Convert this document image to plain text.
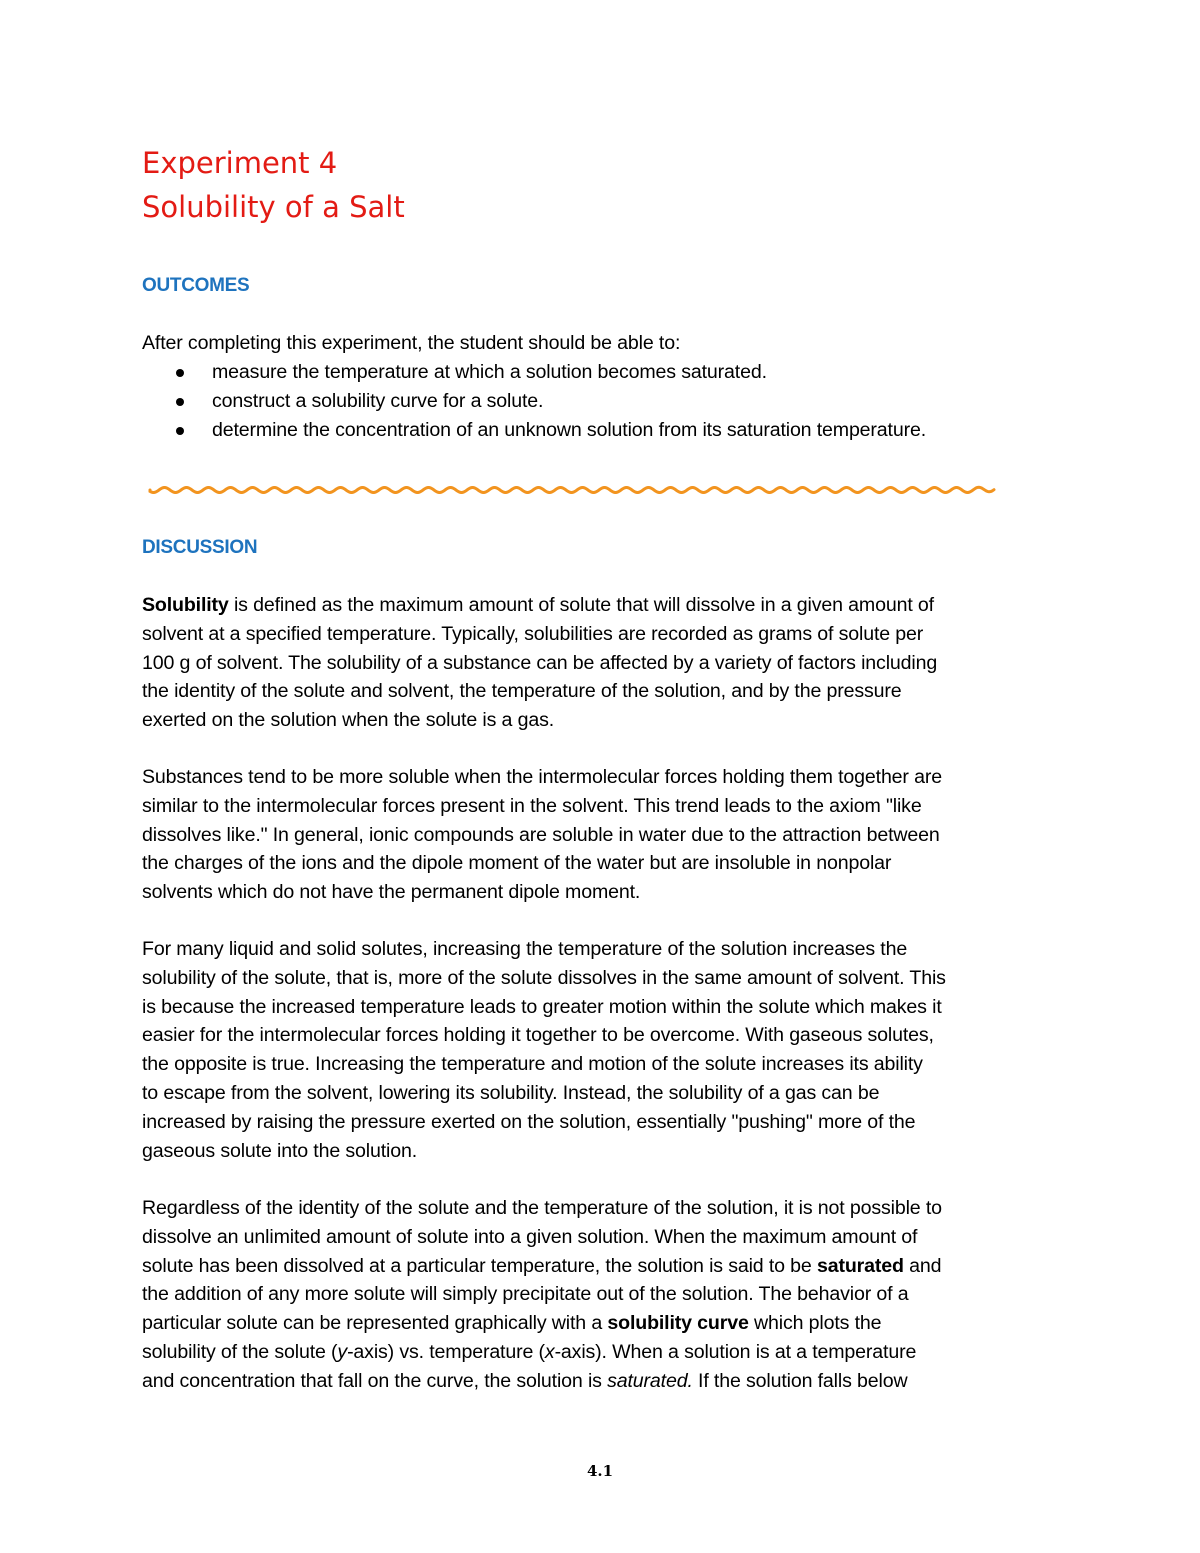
Experiment 4
Solubility of a Salt
OUTCOMES
After completing this experiment, the student should be able to:
measure the temperature at which a solution becomes saturated.
construct a solubility curve for a solute.
determine the concentration of an unknown solution from its saturation temperature.
DISCUSSION

Solubility is defined as the maximum amount of solute that will dissolve in a given amount of
solvent at a specified temperature. Typically, solubilities are recorded as grams of solute per
100 g of solvent. The solubility of a substance can be affected by a variety of factors including
the identity of the solute and solvent, the temperature of the solution, and by the pressure
exerted on the solution when the solute is a gas.

Substances tend to be more soluble when the intermolecular forces holding them together are
similar to the intermolecular forces present in the solvent. This trend leads to the axiom "like
dissolves like." In general, ionic compounds are soluble in water due to the attraction between
the charges of the ions and the dipole moment of the water but are insoluble in nonpolar
solvents which do not have the permanent dipole moment.

For many liquid and solid solutes, increasing the temperature of the solution increases the
solubility of the solute, that is, more of the solute dissolves in the same amount of solvent. This
is because the increased temperature leads to greater motion within the solute which makes it
easier for the intermolecular forces holding it together to be overcome. With gaseous solutes,
the opposite is true. Increasing the temperature and motion of the solute increases its ability
to escape from the solvent, lowering its solubility. Instead, the solubility of a gas can be
increased by raising the pressure exerted on the solution, essentially "pushing" more of the
gaseous solute into the solution.

Regardless of the identity of the solute and the temperature of the solution, it is not possible to
dissolve an unlimited amount of solute into a given solution. When the maximum amount of
solute has been dissolved at a particular temperature, the solution is said to be saturated and
the addition of any more solute will simply precipitate out of the solution. The behavior of a
particular solute can be represented graphically with a solubility curve which plots the
solubility of the solute (y-axis) vs. temperature (x-axis). When a solution is at a temperature
and concentration that fall on the curve, the solution is saturated. If the solution falls below

4.1
